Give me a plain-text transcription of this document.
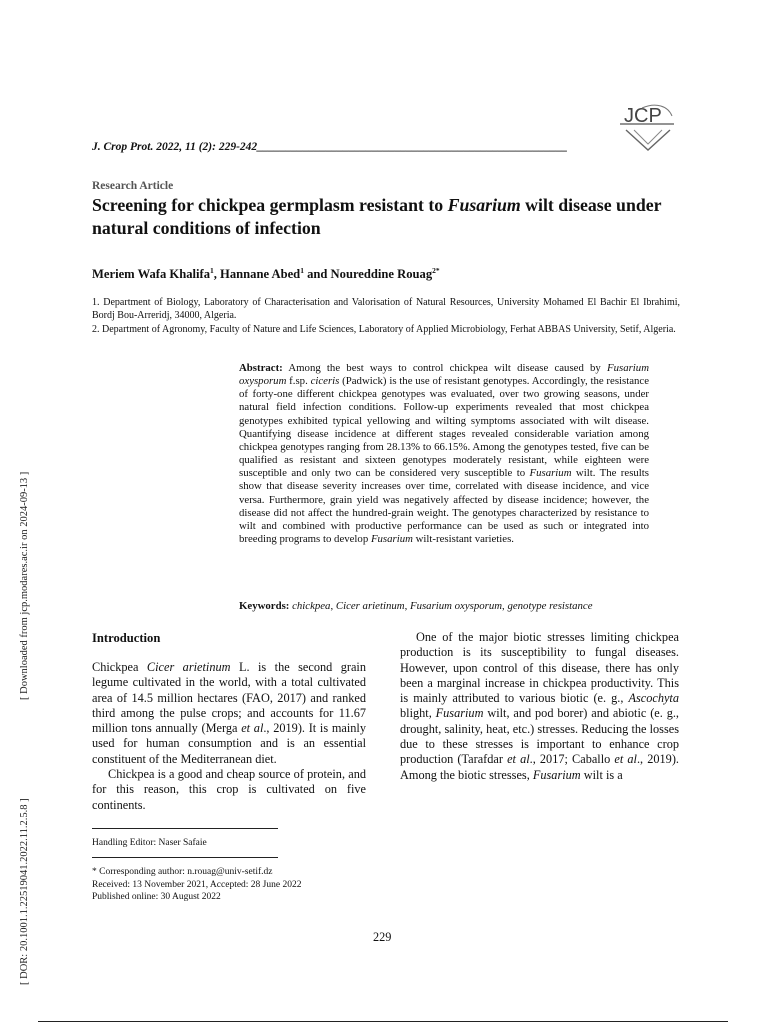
J. Crop Prot. 2022, 11 (2): 229-242______________________________________________________
JCP
Research Article
Screening for chickpea germplasm resistant to Fusarium wilt disease under natural conditions of infection
Meriem Wafa Khalifa$^1$, Hannane Abed$^1$ and Noureddine Rouag$^{2*}$

1. Department of Biology, Laboratory of Characterisation and Valorisation of Natural Resources, University Mohamed El Bachir El Ibrahimi, Bordj Bou-Arreridj, 34000, Algeria.

2. Department of Agronomy, Faculty of Nature and Life Sciences, Laboratory of Applied Microbiology, Ferhat ABBAS University, Setif, Algeria.

Abstract: Among the best ways to control chickpea wilt disease caused by Fusarium oxysporum f.sp. ciceris (Padwick) is the use of resistant genotypes. Accordingly, the resistance of forty-one different chickpea genotypes was evaluated, over two growing seasons, under natural field infection conditions. Follow-up experiments revealed that most chickpea genotypes exhibited typical yellowing and wilting symptoms associated with wilt disease. Quantifying disease incidence at different stages revealed considerable variation among chickpea genotypes ranging from 28.13% to 66.15%. Among the genotypes tested, five can be qualified as resistant and sixteen genotypes moderately resistant, while eighteen were susceptible and only two can be considered very susceptible to Fusarium wilt. The results show that disease severity increases over time, correlated with disease incidence, and vice versa. Furthermore, grain yield was negatively affected by disease incidence; however, the disease did not affect the hundred-grain weight. The genotypes characterized by resistance to wilt and combined with productive performance can be used as such or integrated into breeding programs to develop Fusarium wilt-resistant varieties.

Keywords: chickpea, Cicer arietinum, Fusarium oxysporum, genotype resistance
[ Downloaded from jcp.modares.ac.ir on 2024-09-13 ]
[ DOR: 20.1001.1.22519041.2022.11.2.5.8 ]
Introduction

Chickpea Cicer arietinum L. is the second grain legume cultivated in the world, with a total cultivated area of 14.5 million hectares (FAO, 2017) and ranked third among the pulse crops; and accounts for 11.67 million tons annually (Merga et al., 2019). It is mainly used for human consumption and is an essential constituent of the Mediterranean diet.

Chickpea is a good and cheap source of protein, and for this reason, this crop is cultivated on five continents.

One of the major biotic stresses limiting chickpea production is its susceptibility to fungal diseases. However, upon control of this disease, there has only been a marginal increase in chickpea productivity. This is mainly attributed to various biotic (e. g., Ascochyta blight, Fusarium wilt, and pod borer) and abiotic (e. g., drought, salinity, heat, etc.) stresses. Reducing the losses due to these stresses is important to enhance crop production (Tarafdar et al., 2017; Caballo et al., 2019). Among the biotic stresses, Fusarium wilt is a

Handling Editor: Naser Safaie
* Corresponding author: n.rouag@univ-setif.dz
Received: 13 November 2021, Accepted: 28 June 2022
Published online: 30 August 2022
229
